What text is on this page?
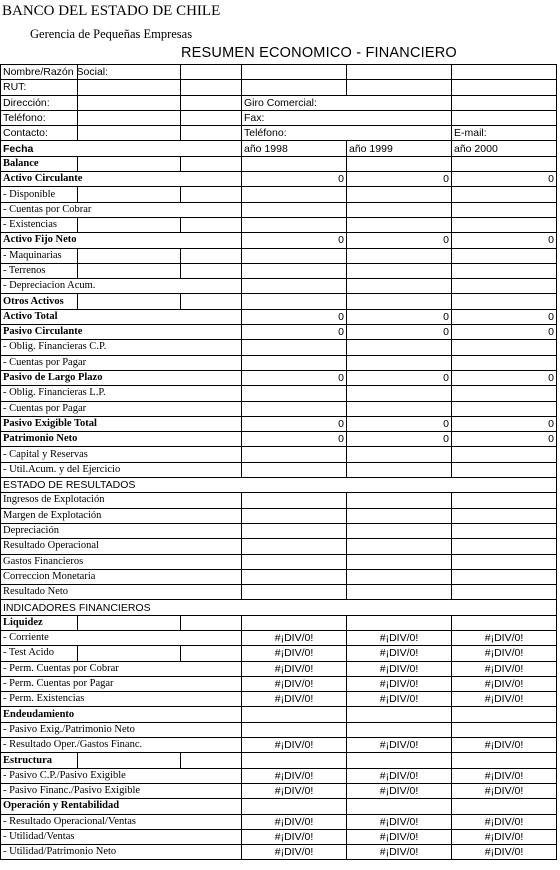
BANCO DEL ESTADO DE CHILE
Gerencia de Pequeñas Empresas
RESUMEN ECONOMICO - FINANCIERO
Nombre/Razón Social:					
RUT:					
Dirección:			Giro Comercial:		
Teléfono:			Fax:		
Contacto:			Teléfono:		E-mail:
Fecha			año 1998	año 1999	año 2000
Balance					
Activo Circulante			0	0	0
- Disponible					
- Cuentas por Cobrar					
- Existencias					
Activo Fijo Neto			0	0	0
- Maquinarias					
- Terrenos					
- Depreciacion Acum.					
Otros Activos					
Activo Total			0	0	0
Pasivo Circulante			0	0	0
- Oblig. Financieras C.P.					
- Cuentas por Pagar					
Pasivo de Largo Plazo			0	0	0
- Oblig. Financieras L.P.					
- Cuentas por Pagar					
Pasivo Exigible Total			0	0	0
Patrimonio Neto			0	0	0
- Capital y Reservas					
- Util.Acum. y del Ejercicio					
ESTADO DE RESULTADOS					
Ingresos de Explotación					
Margen de Explotación					
Depreciación					
Resultado Operacional					
Gastos Financieros					
Correccion Monetaria					
Resultado Neto					
INDICADORES FINANCIEROS					
Liquidez					
- Corriente			#¡DIV/0!	#¡DIV/0!	#¡DIV/0!
- Test Acido			#¡DIV/0!	#¡DIV/0!	#¡DIV/0!
- Perm. Cuentas por Cobrar			#¡DIV/0!	#¡DIV/0!	#¡DIV/0!
- Perm. Cuentas por Pagar			#¡DIV/0!	#¡DIV/0!	#¡DIV/0!
- Perm. Existencias			#¡DIV/0!	#¡DIV/0!	#¡DIV/0!
Endeudamiento					
- Pasivo Exig./Patrimonio Neto					
- Resultado Oper./Gastos Financ.			#¡DIV/0!	#¡DIV/0!	#¡DIV/0!
Estructura					
- Pasivo C.P./Pasivo Exigible			#¡DIV/0!	#¡DIV/0!	#¡DIV/0!
- Pasivo Financ./Pasivo Exigible			#¡DIV/0!	#¡DIV/0!	#¡DIV/0!
Operación y Rentabilidad					
- Resultado Operacional/Ventas			#¡DIV/0!	#¡DIV/0!	#¡DIV/0!
- Utilidad/Ventas			#¡DIV/0!	#¡DIV/0!	#¡DIV/0!
- Utilidad/Patrimonio Neto			#¡DIV/0!	#¡DIV/0!	#¡DIV/0!
